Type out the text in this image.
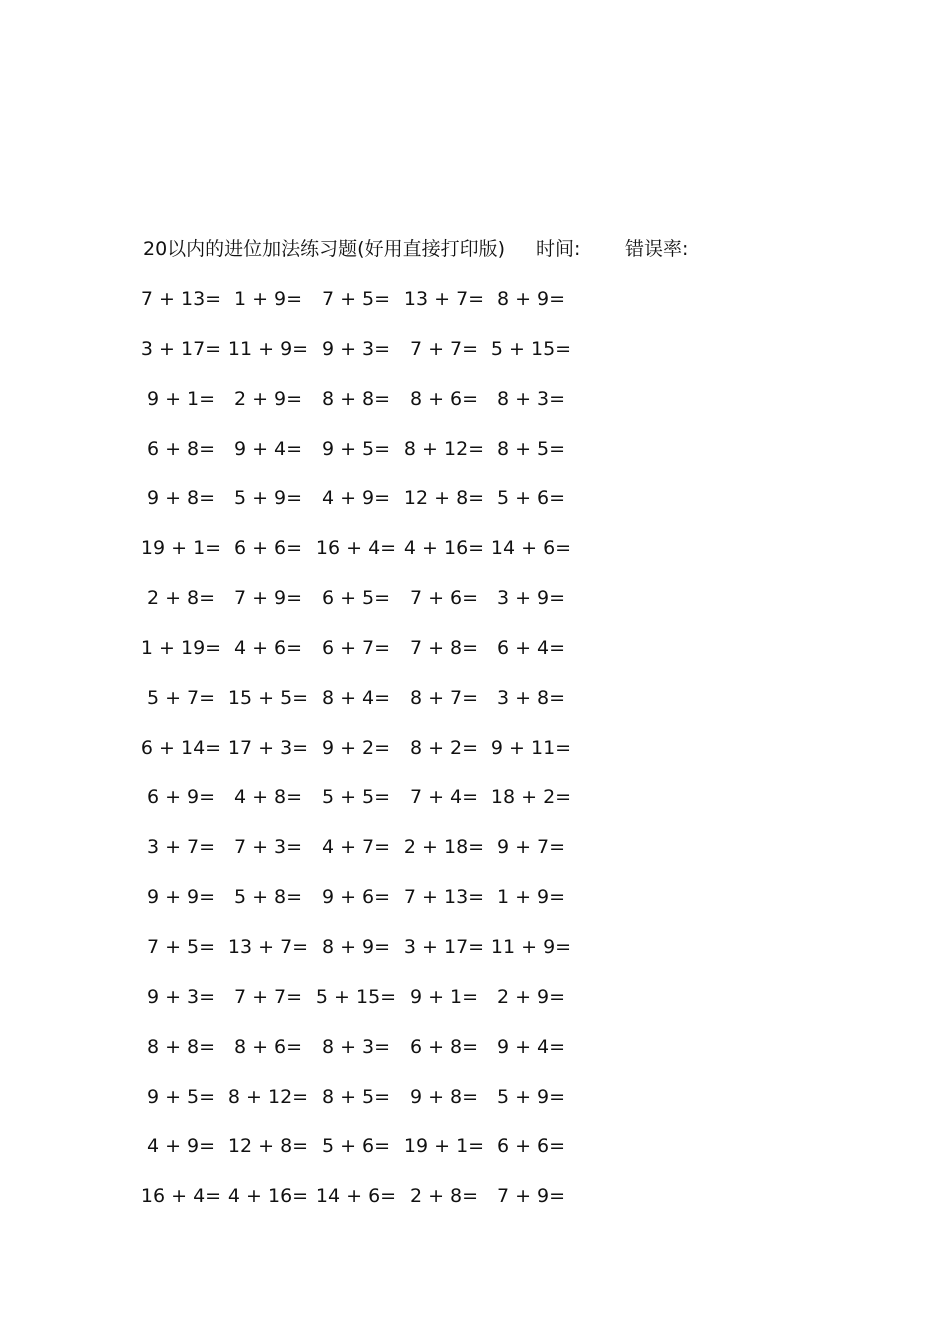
20以内的进位加法练习题(好用直接打印版) 时间: 错误率:
7 + 13= 1 + 9=	7 + 5= 13 + 7= 8 + 9=
3 + 17= 11 + 9= 9 + 3=	7 + 7= 5 + 15=
9 + 1= 2 + 9=	8 + 8=	8 + 6= 8 + 3=
6 + 8= 9 + 4=	9 + 5= 8 + 12= 8 + 5=
9 + 8= 5 + 9=	4 + 9= 12 + 8= 5 + 6=
19 + 1= 6 + 6= 16 + 4= 4 + 16= 14 + 6=
2 + 8= 7 + 9=	6 + 5=	7 + 6= 3 + 9=
1 + 19= 4 + 6=	6 + 7=	7 + 8= 6 + 4=
5 + 7= 15 + 5= 8 + 4=	8 + 7= 3 + 8=
6 + 14= 17 + 3= 9 + 2=	8 + 2= 9 + 11=
6 + 9= 4 + 8=	5 + 5=	7 + 4= 18 + 2=
3 + 7= 7 + 3=	4 + 7= 2 + 18= 9 + 7=
9 + 9= 5 + 8=	9 + 6= 7 + 13= 1 + 9=
7 + 5= 13 + 7= 8 + 9= 3 + 17= 11 + 9=
9 + 3= 7 + 7= 5 + 15= 9 + 1= 2 + 9=
8 + 8= 8 + 6=	8 + 3=	6 + 8= 9 + 4=
9 + 5= 8 + 12= 8 + 5=	9 + 8= 5 + 9=
4 + 9= 12 + 8= 5 + 6= 19 + 1= 6 + 6=
16 + 4= 4 + 16= 14 + 6= 2 + 8= 7 + 9=
